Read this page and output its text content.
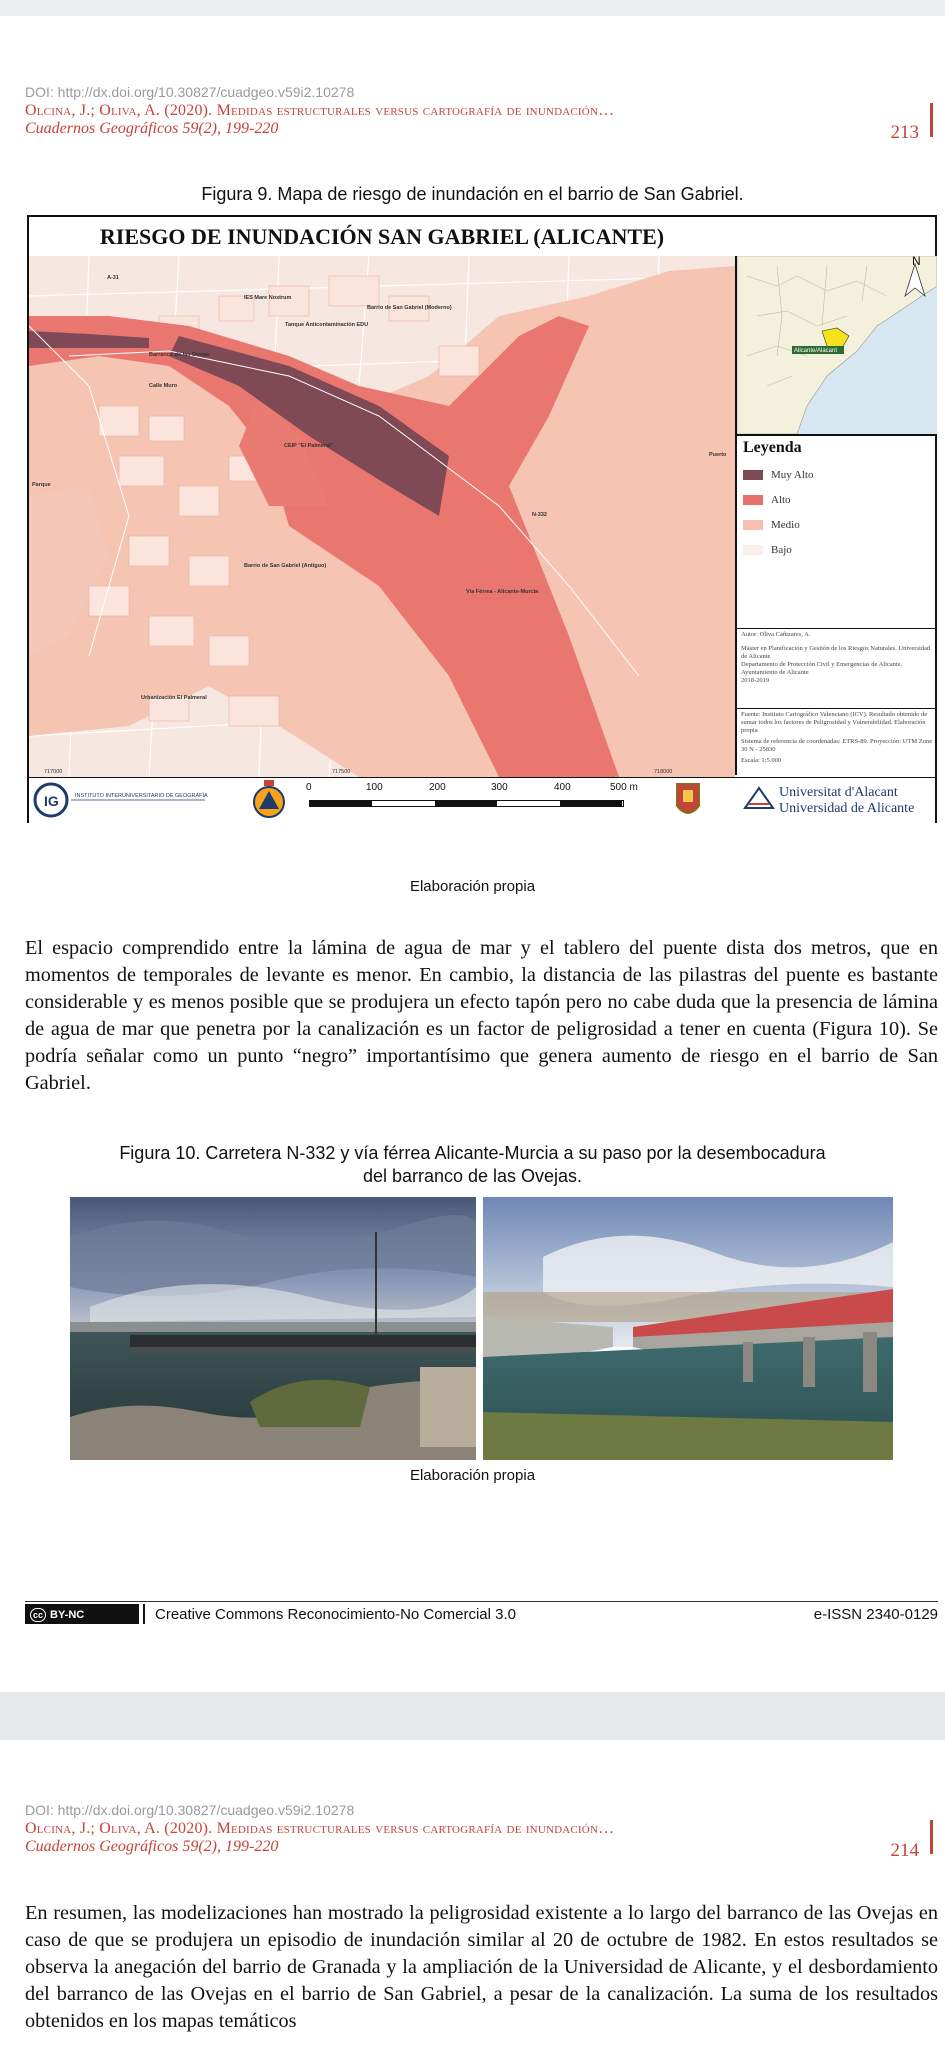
DOI: http://dx.doi.org/10.30827/cuadgeo.v59i2.10278
Olcina, J.; Oliva, A. (2020). Medidas estructurales versus cartografía de inundación…
Cuadernos Geográficos 59(2), 199-220	213
Figura 9. Mapa de riesgo de inundación en el barrio de San Gabriel.
RIESGO DE INUNDACIÓN SAN GABRIEL (ALICANTE)
A-31
IES Mare Nostrum
Barrio de San Gabriel (Moderno)
Tanque Anticontaminación EDU
Barranco de las Ovejas
Calle Muro
CEIP "El Palmeral"
Parque
Puerto
N-332
Barrio de San Gabriel (Antiguo)
Vía Férrea - Alicante-Murcia
Urbanización El Palmeral
717000	717500	718000
Alicante/Alacant
N
Leyenda
Muy Alto
Alto
Medio
Bajo
Autor: Oliva Cañizares, A.
Máster en Planificación y Gestión de los Riesgos Naturales. Universidad de Alicante
Departamento de Protección Civil y Emergencias de Alicante. Ayuntamiento de Alicante
2018-2019
Fuente: Instituto Cartográfico Valenciano (ICV). Resultado obtenido de sumar todos los factores de Peligrosidad y Vulnerabilidad. Elaboración propia
Sistema de referencia de coordenadas: ETRS-89. Proyección: UTM Zone 30 N - 25830
Escala: 1:5.000
IG	INSTITUTO INTERUNIVERSITARIO DE GEOGRAFÍA
0	100	200	300	400	500 m	Universitat d'Alacant
Universidad de Alicante
Elaboración propia
El espacio comprendido entre la lámina de agua de mar y el tablero del puente dista dos metros, que en momentos de temporales de levante es menor. En cambio, la distancia de las pilastras del puente es bastante considerable y es menos posible que se produjera un efecto tapón pero no cabe duda que la presencia de lámina de agua de mar que penetra por la canalización es un factor de peligrosidad a tener en cuenta (Figura 10). Se podría señalar como un punto “negro” importantísimo que genera aumento de riesgo en el barrio de San Gabriel.
Figura 10. Carretera N-332 y vía férrea Alicante-Murcia a su paso por la desembocadura
del barranco de las Ovejas.
Elaboración propia
cc BY-NC	Creative Commons Reconocimiento-No Comercial 3.0	e-ISSN 2340-0129
DOI: http://dx.doi.org/10.30827/cuadgeo.v59i2.10278
Olcina, J.; Oliva, A. (2020). Medidas estructurales versus cartografía de inundación…
Cuadernos Geográficos 59(2), 199-220	214
En resumen, las modelizaciones han mostrado la peligrosidad existente a lo largo del barranco de las Ovejas en caso de que se produjera un episodio de inundación similar al 20 de octubre de 1982. En estos resultados se observa la anegación del barrio de Granada y la ampliación de la Universidad de Alicante, y el desbordamiento del barranco de las Ovejas en el barrio de San Gabriel, a pesar de la canalización. La suma de los resultados obtenidos en los mapas temáticos
